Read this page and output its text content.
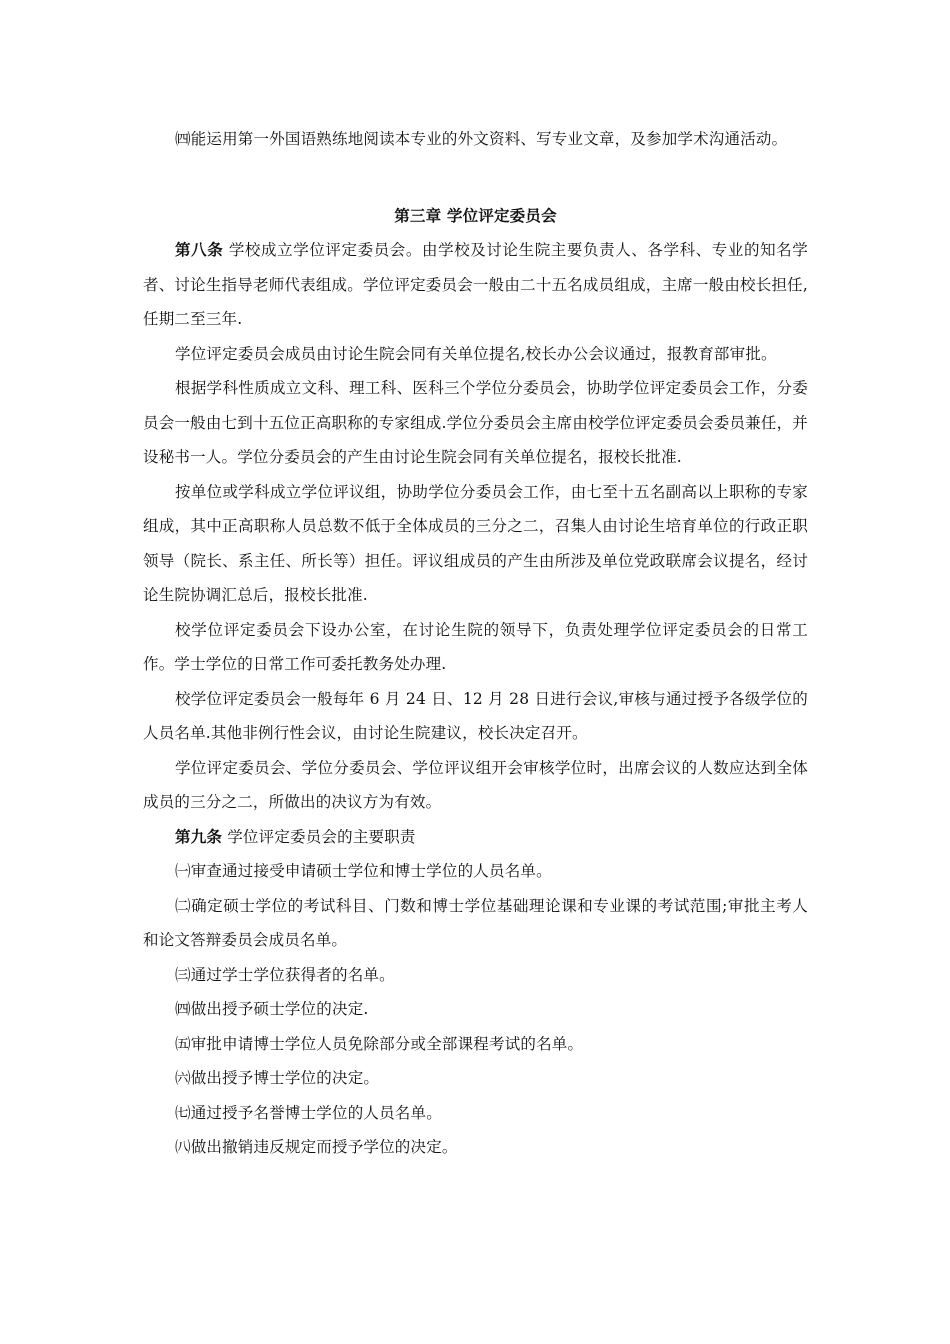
㈣能运用第一外国语熟练地阅读本专业的外文资料、写专业文章，及参加学术沟通活动。

第三章 学位评定委员会

第八条 学校成立学位评定委员会。由学校及讨论生院主要负责人、各学科、专业的知名学者、讨论生指导老师代表组成。学位评定委员会一般由二十五名成员组成，主席一般由校长担任,任期二至三年.

学位评定委员会成员由讨论生院会同有关单位提名,校长办公会议通过，报教育部审批。

根据学科性质成立文科、理工科、医科三个学位分委员会，协助学位评定委员会工作，分委员会一般由七到十五位正高职称的专家组成.学位分委员会主席由校学位评定委员会委员兼任，并设秘书一人。学位分委员会的产生由讨论生院会同有关单位提名，报校长批准.

按单位或学科成立学位评议组，协助学位分委员会工作，由七至十五名副高以上职称的专家组成，其中正高职称人员总数不低于全体成员的三分之二，召集人由讨论生培育单位的行政正职领导（院长、系主任、所长等）担任。评议组成员的产生由所涉及单位党政联席会议提名，经讨论生院协调汇总后，报校长批准.

校学位评定委员会下设办公室，在讨论生院的领导下，负责处理学位评定委员会的日常工作。学士学位的日常工作可委托教务处办理.

校学位评定委员会一般每年 6 月 24 日、12 月 28 日进行会议,审核与通过授予各级学位的人员名单.其他非例行性会议，由讨论生院建议，校长决定召开。

学位评定委员会、学位分委员会、学位评议组开会审核学位时，出席会议的人数应达到全体成员的三分之二，所做出的决议方为有效。

第九条 学位评定委员会的主要职责

㈠审查通过接受申请硕士学位和博士学位的人员名单。

㈡确定硕士学位的考试科目、门数和博士学位基础理论课和专业课的考试范围;审批主考人和论文答辩委员会成员名单。

㈢通过学士学位获得者的名单。

㈣做出授予硕士学位的决定.

㈤审批申请博士学位人员免除部分或全部课程考试的名单。

㈥做出授予博士学位的决定。

㈦通过授予名誉博士学位的人员名单。

㈧做出撤销违反规定而授予学位的决定。
